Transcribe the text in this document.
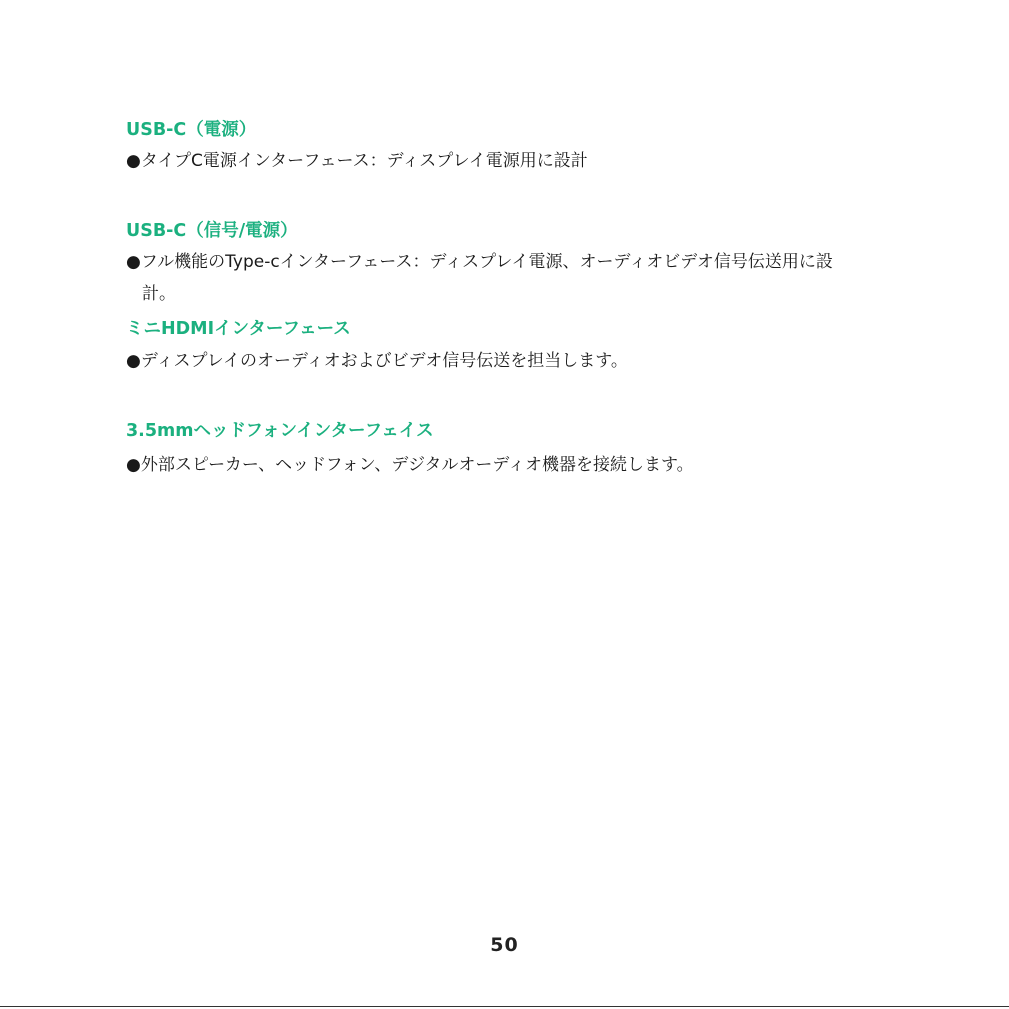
USB-C（電源）
●タイプC電源インターフェース：ディスプレイ電源用に設計
USB-C（信号/電源）
●フル機能のType-cインターフェース：ディスプレイ電源、オーディオビデオ信号伝送用に設
計。
ミニHDMIインターフェース
●ディスプレイのオーディオおよびビデオ信号伝送を担当します。
3.5mmヘッドフォンインターフェイス
●外部スピーカー、ヘッドフォン、デジタルオーディオ機器を接続します。
50
